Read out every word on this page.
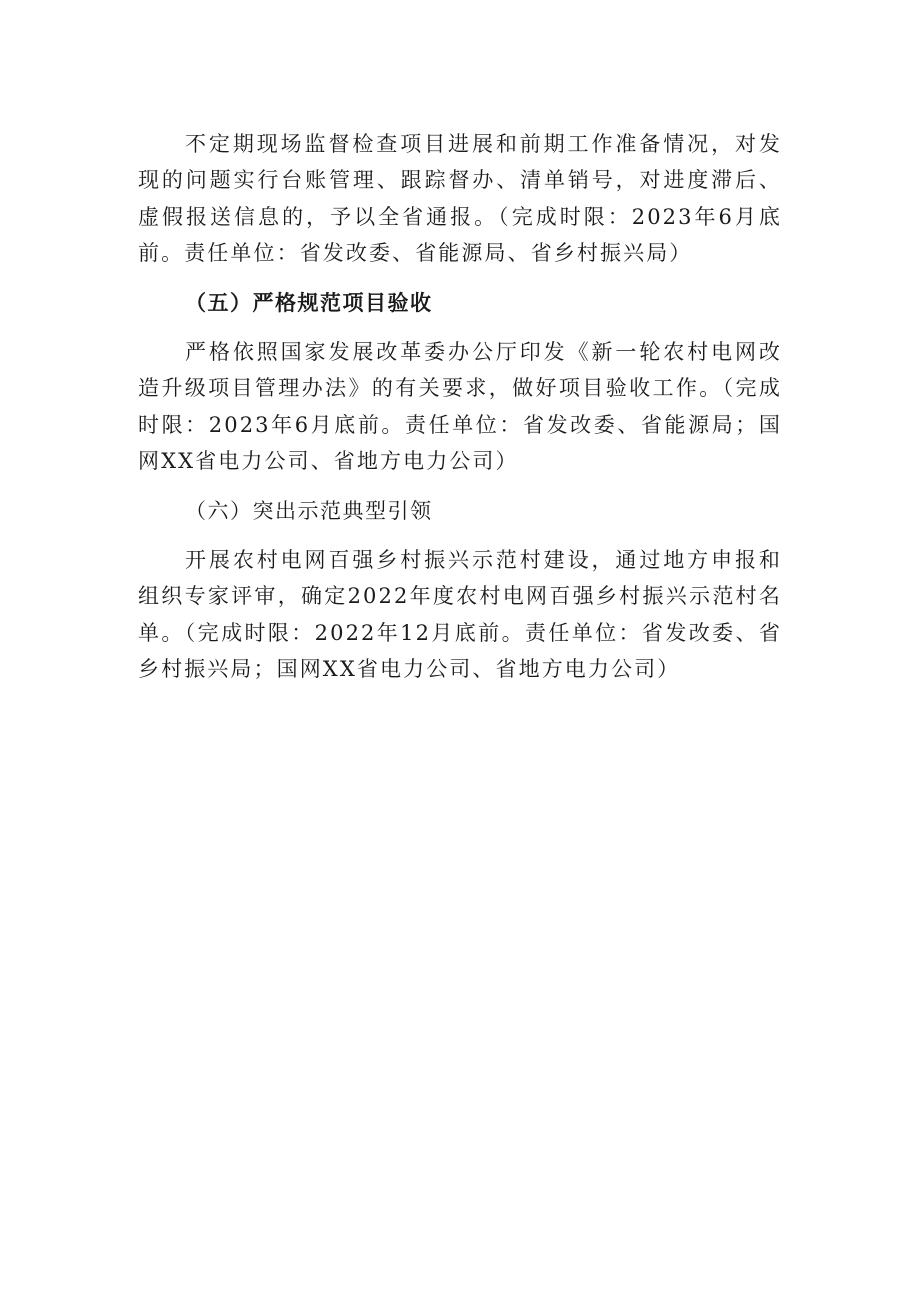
不定期现场监督检查项目进展和前期工作准备情况，对发现的问题实行台账管理、跟踪督办、清单销号，对进度滞后、虚假报送信息的，予以全省通报。（完成时限：2023年6月底前。责任单位：省发改委、省能源局、省乡村振兴局）

（五）严格规范项目验收

严格依照国家发展改革委办公厅印发《新一轮农村电网改造升级项目管理办法》的有关要求，做好项目验收工作。（完成时限：2023年6月底前。责任单位：省发改委、省能源局；国网XX省电力公司、省地方电力公司）

（六）突出示范典型引领

开展农村电网百强乡村振兴示范村建设，通过地方申报和组织专家评审，确定2022年度农村电网百强乡村振兴示范村名单。（完成时限：2022年12月底前。责任单位：省发改委、省乡村振兴局；国网XX省电力公司、省地方电力公司）
